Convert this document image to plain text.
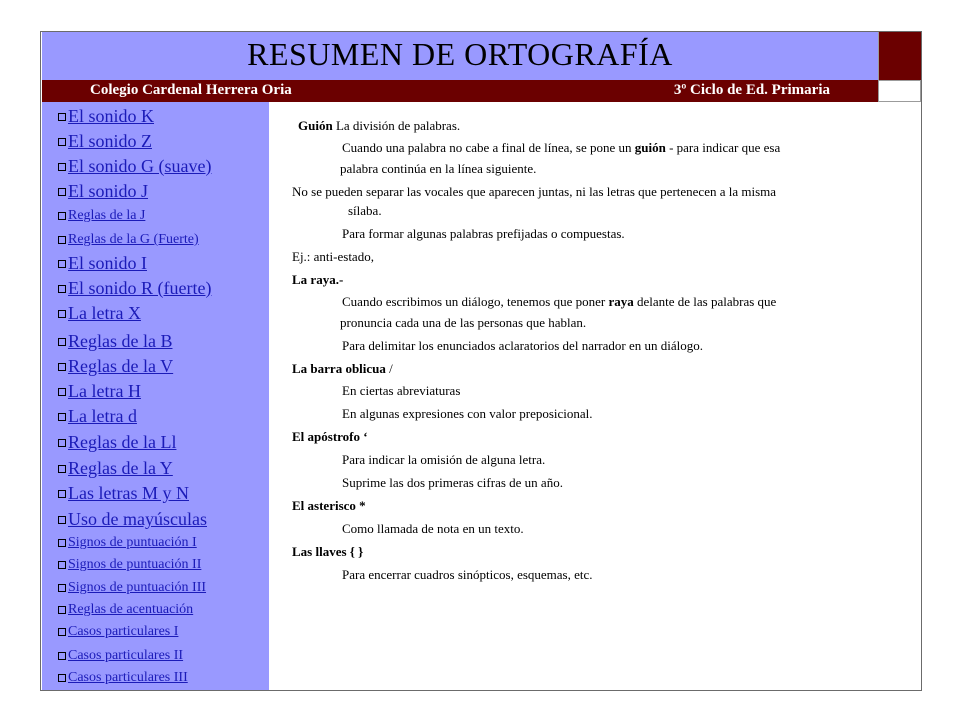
RESUMEN DE ORTOGRAFÍA
Colegio Cardenal Herrera Oria	3º Ciclo de Ed. Primaria
El sonido K
El sonido Z
El sonido G (suave)
El sonido J
Reglas de la J
Reglas de la G (Fuerte)
El sonido I
El sonido R (fuerte)
La letra X
Reglas de la B
Reglas de la V
La letra H
La letra d
Reglas de la Ll
Reglas de la Y
Las letras M y N
Uso de mayúsculas
Signos de puntuación I
Signos de puntuación II
Signos de puntuación III
Reglas de acentuación
Casos particulares I
Casos particulares II
Casos particulares III
Guión La división de palabras.
Cuando una palabra no cabe a final de línea, se pone un guión - para indicar que esa
palabra continúa en la línea siguiente.
No se pueden separar las vocales que aparecen juntas, ni las letras que pertenecen a la misma
sílaba.
Para formar algunas palabras prefijadas o compuestas.
Ej.: anti-estado,
La raya.-
Cuando escribimos un diálogo, tenemos que poner raya delante de las palabras que
pronuncia cada una de las personas que hablan.
Para delimitar los enunciados aclaratorios del narrador en un diálogo.
La barra oblicua /
En ciertas abreviaturas
En algunas expresiones con valor preposicional.
El apóstrofo ‘
Para indicar la omisión de alguna letra.
Suprime las dos primeras cifras de un año.
El asterisco *
Como llamada de nota en un texto.
Las llaves { }
Para encerrar cuadros sinópticos, esquemas, etc.
